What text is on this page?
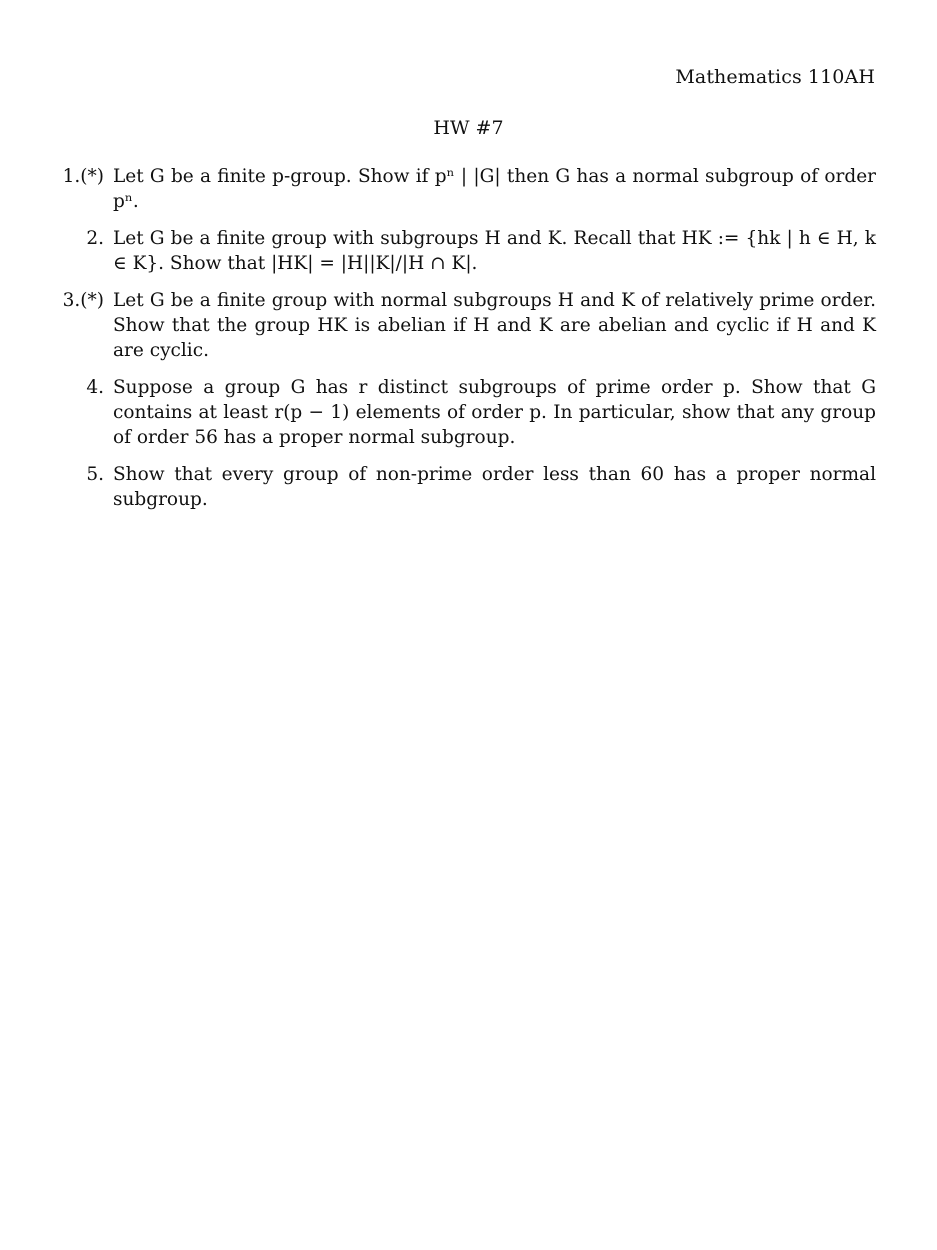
Mathematics 110AH
HW #7
1.(*) Let G be a finite p-group. Show if pⁿ | |G| then G has a normal subgroup of order pⁿ.
2. Let G be a finite group with subgroups H and K. Recall that HK := {hk | h ∈ H, k ∈ K}. Show that |HK| = |H||K|/|H ∩ K|.
3.(*) Let G be a finite group with normal subgroups H and K of relatively prime order. Show that the group HK is abelian if H and K are abelian and cyclic if H and K are cyclic.
4. Suppose a group G has r distinct subgroups of prime order p. Show that G contains at least r(p − 1) elements of order p. In particular, show that any group of order 56 has a proper normal subgroup.
5. Show that every group of non-prime order less than 60 has a proper normal subgroup.
